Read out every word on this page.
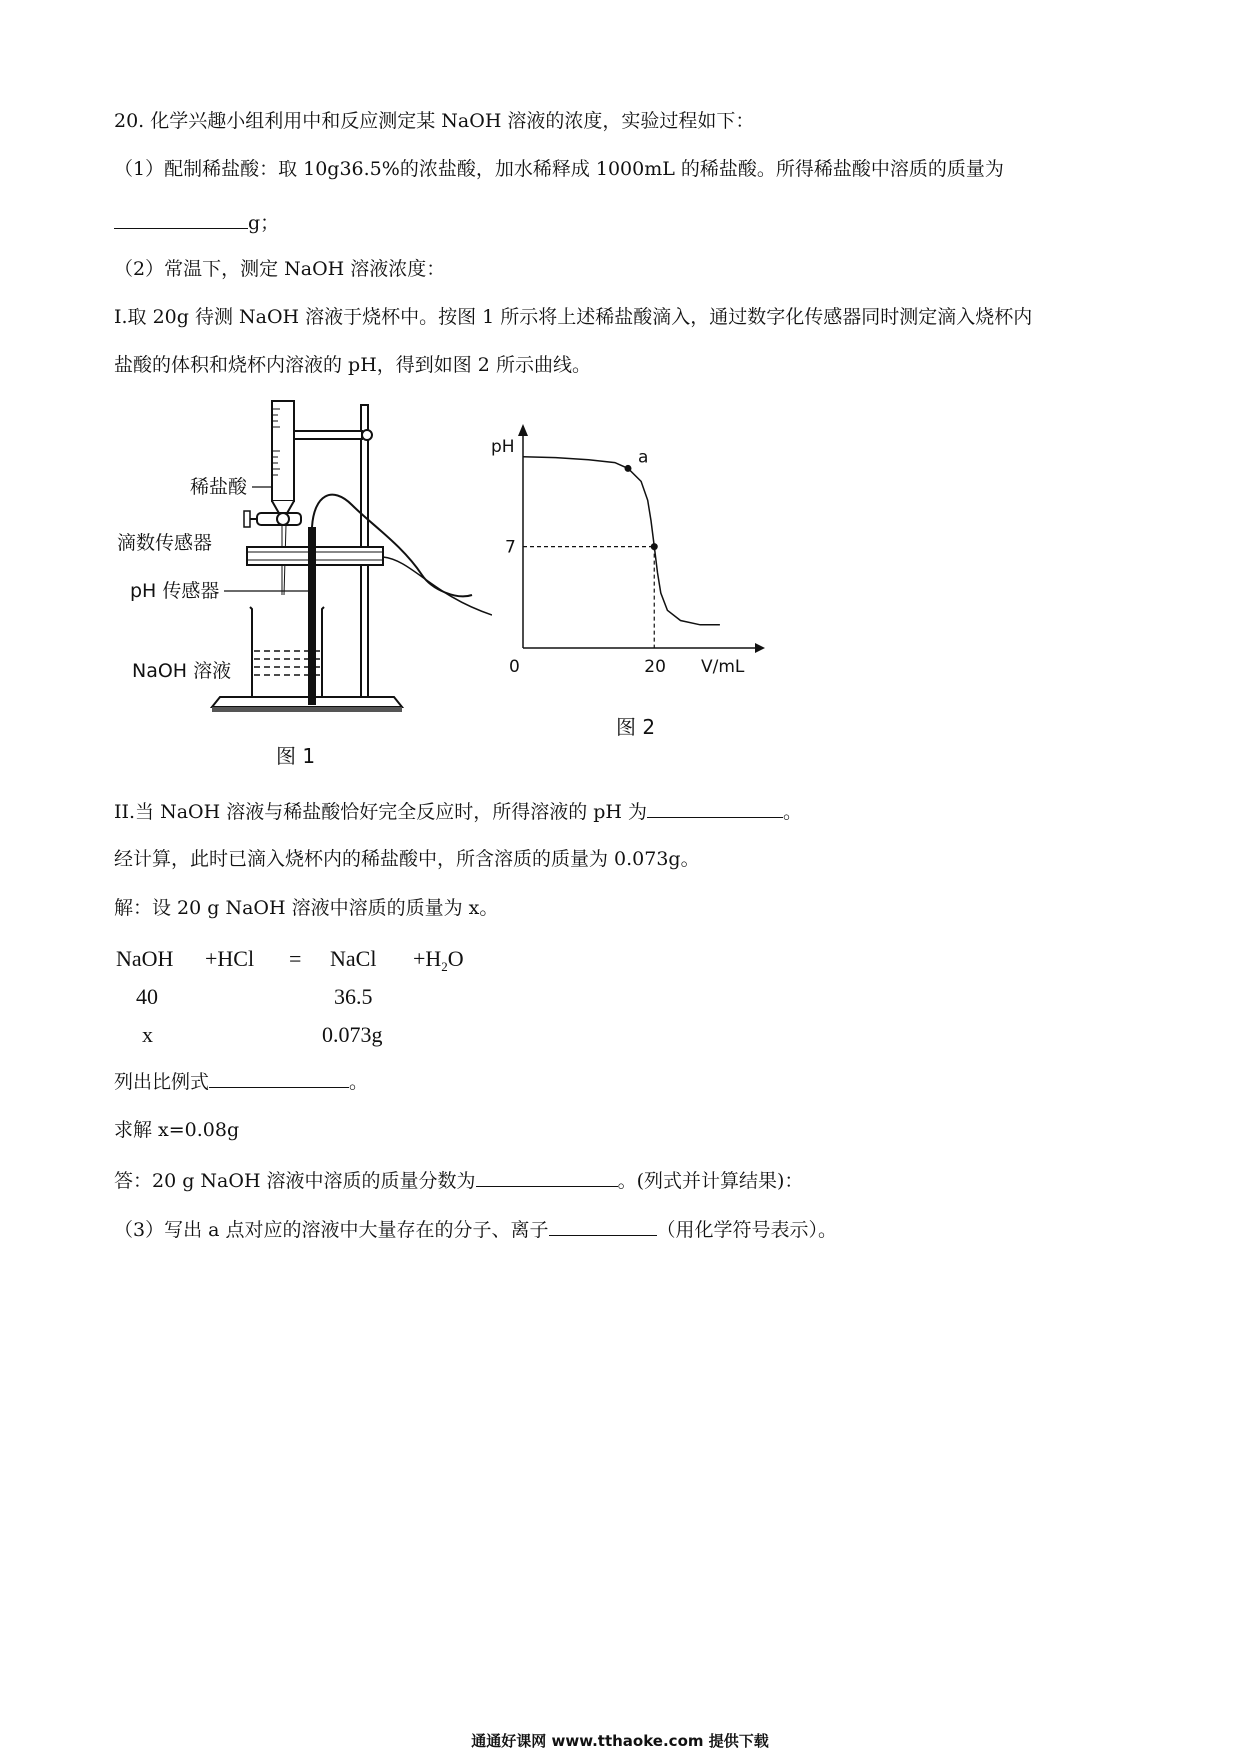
20. 化学兴趣小组利用中和反应测定某 NaOH 溶液的浓度，实验过程如下：
（1）配制稀盐酸：取 10g36.5%的浓盐酸，加水稀释成 1000mL 的稀盐酸。所得稀盐酸中溶质的质量为
g；
（2）常温下，测定 NaOH 溶液浓度：
I.取 20g 待测 NaOH 溶液于烧杯中。按图 1 所示将上述稀盐酸滴入，通过数字化传感器同时测定滴入烧杯内
盐酸的体积和烧杯内溶液的 pH，得到如图 2 所示曲线。
稀盐酸
滴数传感器
pH 传感器
NaOH 溶液
图 1
a
pH
V/mL
0
7
20
图 2
II.当 NaOH 溶液与稀盐酸恰好完全反应时，所得溶液的 pH 为	。
经计算，此时已滴入烧杯内的稀盐酸中，所含溶质的质量为 0.073g。
解：设 20 g NaOH 溶液中溶质的质量为 x。
NaOH +HCl = NaCl $+H_2O$
40	36.5
x	0.073g
列出比例式	。
求解 x=0.08g
答：20 g NaOH 溶液中溶质的质量分数为	。(列式并计算结果)：
（3）写出 a 点对应的溶液中大量存在的分子、离子	（用化学符号表示）。
通通好课网 www.tthaoke.com 提供下载
